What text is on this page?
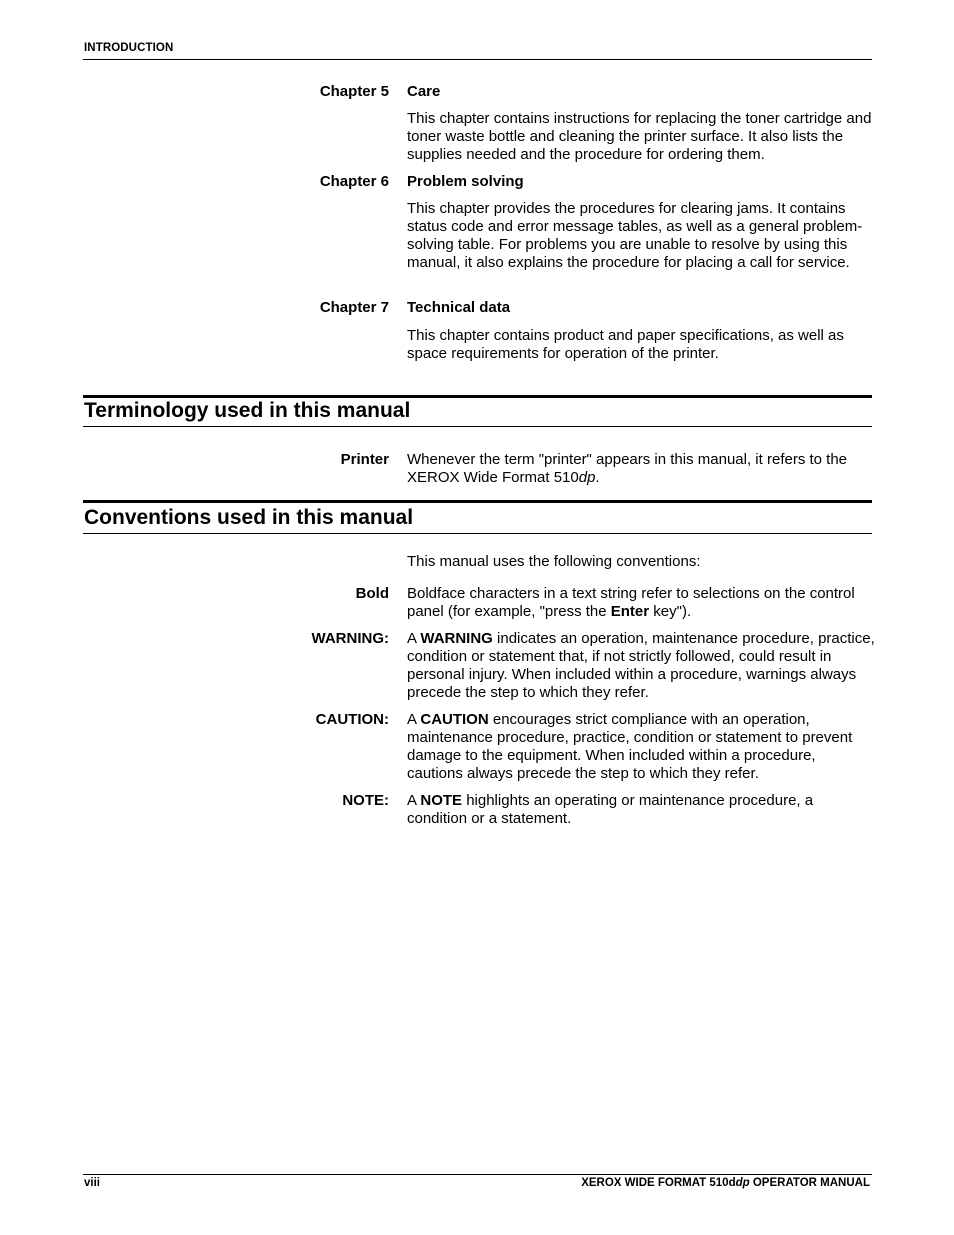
INTRODUCTION
Chapter 5 Care
This chapter contains instructions for replacing the toner cartridge and toner waste bottle and cleaning the printer surface. It also lists the supplies needed and the procedure for ordering them.
Chapter 6 Problem solving
This chapter provides the procedures for clearing jams. It contains status code and error message tables, as well as a general problem-solving table. For problems you are unable to resolve by using this manual, it also explains the procedure for placing a call for service.
Chapter 7 Technical data
This chapter contains product and paper specifications, as well as space requirements for operation of the printer.
Terminology used in this manual
Printer Whenever the term "printer" appears in this manual, it refers to the XEROX Wide Format 510dp.
Conventions used in this manual
This manual uses the following conventions:
Bold Boldface characters in a text string refer to selections on the control panel (for example, "press the Enter key").
WARNING: A WARNING indicates an operation, maintenance procedure, practice, condition or statement that, if not strictly followed, could result in personal injury. When included within a procedure, warnings always precede the step to which they refer.
CAUTION: A CAUTION encourages strict compliance with an operation, maintenance procedure, practice, condition or statement to prevent damage to the equipment. When included within a procedure, cautions always precede the step to which they refer.
NOTE: A NOTE highlights an operating or maintenance procedure, a condition or a statement.
viii	XEROX WIDE FORMAT 510ddp OPERATOR MANUAL
